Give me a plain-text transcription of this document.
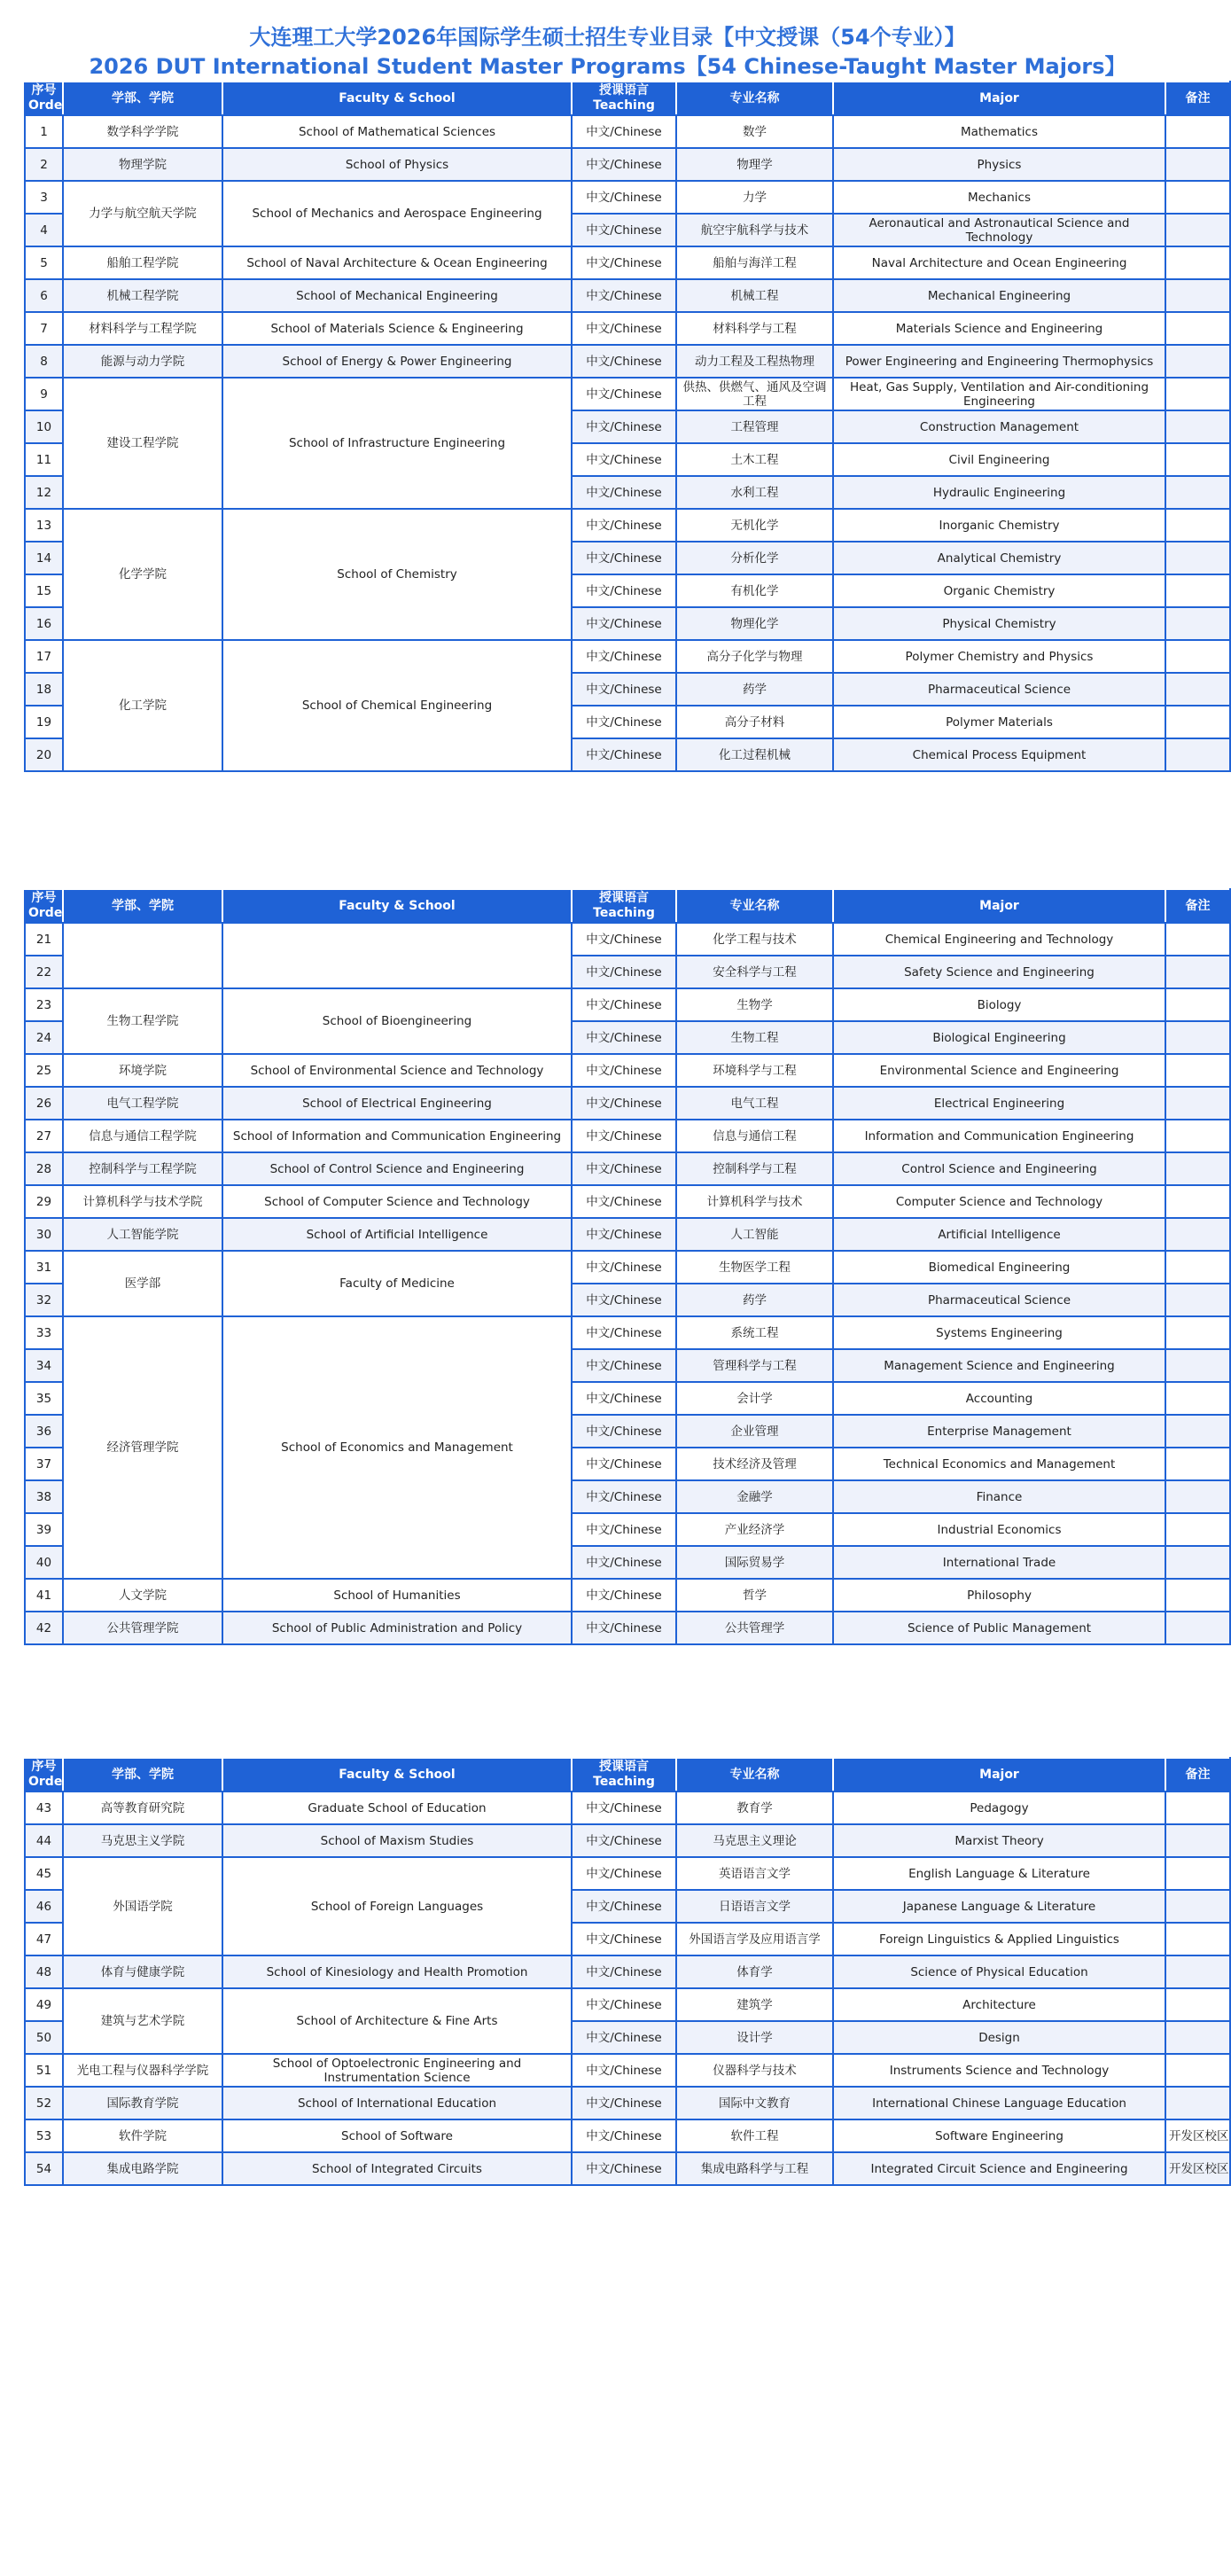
大连理工大学2026年国际学生硕士招生专业目录【中文授课（54个专业）】
2026 DUT International Student Master Programs【54 Chinese-Taught Master Majors】
序号 Orde	学部、学院	Faculty & School	授课语言 Teaching	专业名称	Major	备注
1	数学科学学院	School of Mathematical Sciences	中文/Chinese	数学	Mathematics	
2	物理学院	School of Physics	中文/Chinese	物理学	Physics	
3	力学与航空航天学院	School of Mechanics and Aerospace Engineering	中文/Chinese	力学	Mechanics	
4			中文/Chinese	航空宇航科学与技术	Aeronautical and Astronautical Science and Technology	
5	船舶工程学院	School of Naval Architecture & Ocean Engineering	中文/Chinese	船舶与海洋工程	Naval Architecture and Ocean Engineering	
6	机械工程学院	School of Mechanical Engineering	中文/Chinese	机械工程	Mechanical Engineering	
7	材料科学与工程学院	School of Materials Science & Engineering	中文/Chinese	材料科学与工程	Materials Science and Engineering	
8	能源与动力学院	School of Energy & Power Engineering	中文/Chinese	动力工程及工程热物理	Power Engineering and Engineering Thermophysics	
9	建设工程学院	School of Infrastructure Engineering	中文/Chinese	供热、供燃气、通风及空调工程	Heat, Gas Supply, Ventilation and Air-conditioning Engineering	
10			中文/Chinese	工程管理	Construction Management	
11			中文/Chinese	土木工程	Civil Engineering	
12			中文/Chinese	水利工程	Hydraulic Engineering	
13	化学学院	School of Chemistry	中文/Chinese	无机化学	Inorganic Chemistry	
14			中文/Chinese	分析化学	Analytical Chemistry	
15			中文/Chinese	有机化学	Organic Chemistry	
16			中文/Chinese	物理化学	Physical Chemistry	
17	化工学院	School of Chemical Engineering	中文/Chinese	高分子化学与物理	Polymer Chemistry and Physics	
18			中文/Chinese	药学	Pharmaceutical Science	
19			中文/Chinese	高分子材料	Polymer Materials	
20			中文/Chinese	化工过程机械	Chemical Process Equipment	
序号 Orde	学部、学院	Faculty & School	授课语言 Teaching	专业名称	Major	备注
21			中文/Chinese	化学工程与技术	Chemical Engineering and Technology	
22			中文/Chinese	安全科学与工程	Safety Science and Engineering	
23	生物工程学院	School of Bioengineering	中文/Chinese	生物学	Biology	
24			中文/Chinese	生物工程	Biological Engineering	
25	环境学院	School of Environmental Science and Technology	中文/Chinese	环境科学与工程	Environmental Science and Engineering	
26	电气工程学院	School of Electrical Engineering	中文/Chinese	电气工程	Electrical Engineering	
27	信息与通信工程学院	School of Information and Communication Engineering	中文/Chinese	信息与通信工程	Information and Communication Engineering	
28	控制科学与工程学院	School of Control Science and Engineering	中文/Chinese	控制科学与工程	Control Science and Engineering	
29	计算机科学与技术学院	School of Computer Science and Technology	中文/Chinese	计算机科学与技术	Computer Science and Technology	
30	人工智能学院	School of Artificial Intelligence	中文/Chinese	人工智能	Artificial Intelligence	
31	医学部	Faculty of Medicine	中文/Chinese	生物医学工程	Biomedical Engineering	
32			中文/Chinese	药学	Pharmaceutical Science	
33	经济管理学院	School of Economics and Management	中文/Chinese	系统工程	Systems Engineering	
34			中文/Chinese	管理科学与工程	Management Science and Engineering	
35			中文/Chinese	会计学	Accounting	
36			中文/Chinese	企业管理	Enterprise Management	
37			中文/Chinese	技术经济及管理	Technical Economics and Management	
38			中文/Chinese	金融学	Finance	
39			中文/Chinese	产业经济学	Industrial Economics	
40			中文/Chinese	国际贸易学	International Trade	
41	人文学院	School of Humanities	中文/Chinese	哲学	Philosophy	
42	公共管理学院	School of Public Administration and Policy	中文/Chinese	公共管理学	Science of Public Management	
序号 Orde	学部、学院	Faculty & School	授课语言 Teaching	专业名称	Major	备注
43	高等教育研究院	Graduate School of Education	中文/Chinese	教育学	Pedagogy	
44	马克思主义学院	School of Maxism Studies	中文/Chinese	马克思主义理论	Marxist Theory	
45	外国语学院	School of Foreign Languages	中文/Chinese	英语语言文学	English Language & Literature	
46			中文/Chinese	日语语言文学	Japanese Language & Literature	
47			中文/Chinese	外国语言学及应用语言学	Foreign Linguistics & Applied Linguistics	
48	体育与健康学院	School of Kinesiology and Health Promotion	中文/Chinese	体育学	Science of Physical Education	
49	建筑与艺术学院	School of Architecture & Fine Arts	中文/Chinese	建筑学	Architecture	
50			中文/Chinese	设计学	Design	
51	光电工程与仪器科学学院	School of Optoelectronic Engineering and Instrumentation Science	中文/Chinese	仪器科学与技术	Instruments Science and Technology	
52	国际教育学院	School of International Education	中文/Chinese	国际中文教育	International Chinese Language Education	
53	软件学院	School of Software	中文/Chinese	软件工程	Software Engineering	开发区校区
54	集成电路学院	School of Integrated Circuits	中文/Chinese	集成电路科学与工程	Integrated Circuit Science and Engineering	开发区校区
